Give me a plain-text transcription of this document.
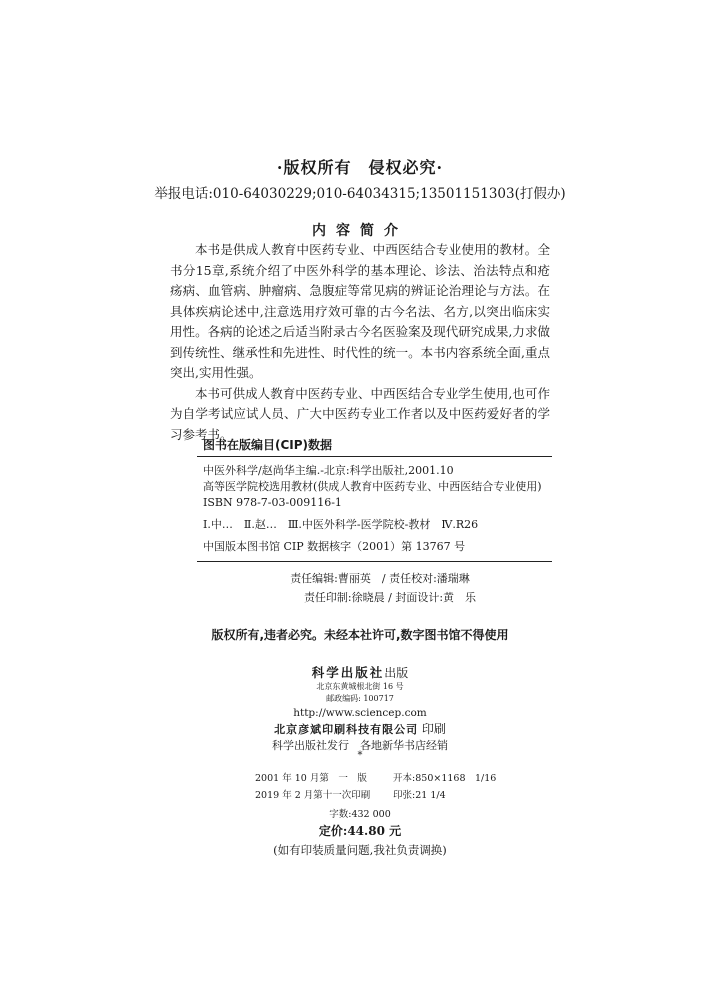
·版权所有　侵权必究·
举报电话:010-64030229;010-64034315;13501151303(打假办)
内容简介

本书是供成人教育中医药专业、中西医结合专业使用的教材。全书分15章,系统介绍了中医外科学的基本理论、诊法、治法特点和疮疡病、血管病、肿瘤病、急腹症等常见病的辨证论治理论与方法。在具体疾病论述中,注意选用疗效可靠的古今名法、名方,以突出临床实用性。各病的论述之后适当附录古今名医验案及现代研究成果,力求做到传统性、继承性和先进性、时代性的统一。本书内容系统全面,重点突出,实用性强。

本书可供成人教育中医药专业、中西医结合专业学生使用,也可作为自学考试应试人员、广大中医药专业工作者以及中医药爱好者的学习参考书。

图书在版编目(CIP)数据
中医外科学/赵尚华主编.-北京:科学出版社,2001.10
高等医学院校选用教材(供成人教育中医药专业、中西医结合专业使用)
ISBN 978-7-03-009116-1
Ⅰ.中…　Ⅱ.赵…　Ⅲ.中医外科学-医学院校-教材　Ⅳ.R26
中国版本图书馆 CIP 数据核字（2001）第 13767 号
责任编辑:曹丽英　/ 责任校对:潘瑞琳
责任印制:徐晓晨 / 封面设计:黄　乐
版权所有,违者必究。未经本社许可,数字图书馆不得使用
科学出版社出版
北京东黄城根北街 16 号
邮政编码: 100717
http://www.sciencep.com
北京彦斌印刷科技有限公司 印刷
科学出版社发行　各地新华书店经销
*
2001 年 10 月第　一　版	开本:850×1168　1/16
2019 年 2 月第十一次印刷 印张:21 1/4
字数:432 000
定价:44.80 元
(如有印装质量问题,我社负责调换)
